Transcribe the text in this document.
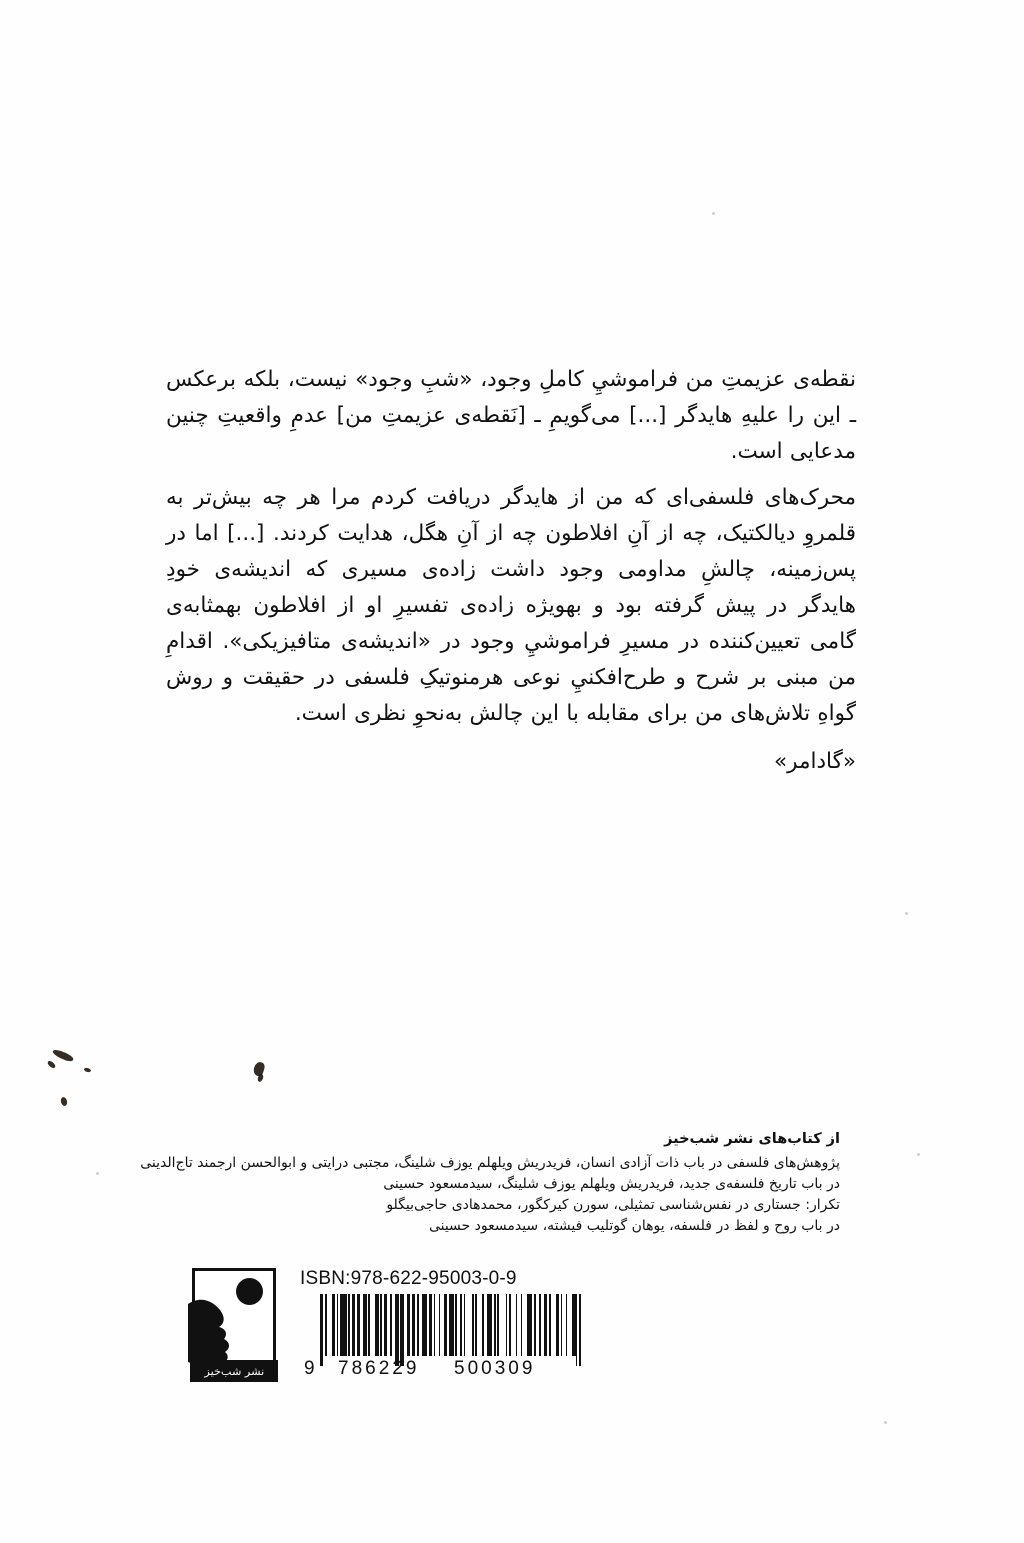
نقطه‌ی عزیمتِ من فراموشيِ کاملِ وجود، «شبِ وجود» نیست، بلکه برعکس ـ این را علیهِ هایدگر [...] می‌گویمِ ـ [نَقطه‌ی عزیمتِ من] عدمِ واقعیتِ چنین مدعایی است.

محرک‌های فلسفی‌ای که من از هایدگر دریافت کردم مرا هر چه بیش‌تر به قلمروِ دیالکتیک، چه از آنِ افلاطون چه از آنِ هگل، هدایت کردند. [...] اما در پس‌زمینه، چالشِ مداومی وجود داشت زاده‌ی مسیری که اندیشه‌ی خودِ هایدگر در پیش گرفته بود و بهویژه زاده‌ی تفسیرِ او از افلاطون بهمثابه‌ی گامی تعیین‌کننده در مسیرِ فراموشيِ وجود در «اندیشه‌ی متافیزیکی». اقدامِ من مبنی بر شرح و طرح‌افکنيِ نوعی هرمنوتیکِ فلسفی در حقیقت و روش گواهِ تلاش‌های من برای مقابله با این چالش به‌نحوِ نظری است.

«گادامر»

از کتاب‌های نشر شب‌خیز

پژوهش‌های فلسفی در باب ذات آزادی انسان، فریدریش ویلهلم یوزف شلینگ، مجتبی درایتی و ابوالحسن ارجمند تاج‌الدینی

در باب تاریخ فلسفه‌ی جدید، فریدریش ویلهلم یوزف شلینگ، سیدمسعود حسینی

تکرار: جستاری در نفس‌شناسی تمثیلی، سورن کیرکگور، محمدهادی حاجی‌بیگلو

در باب روح و لفظ در فلسفه، یوهان گوتلیب فیشته، سیدمسعود حسینی

نشر شب‌خیز
ISBN:978-622-95003-0-9
9 786229 500309
